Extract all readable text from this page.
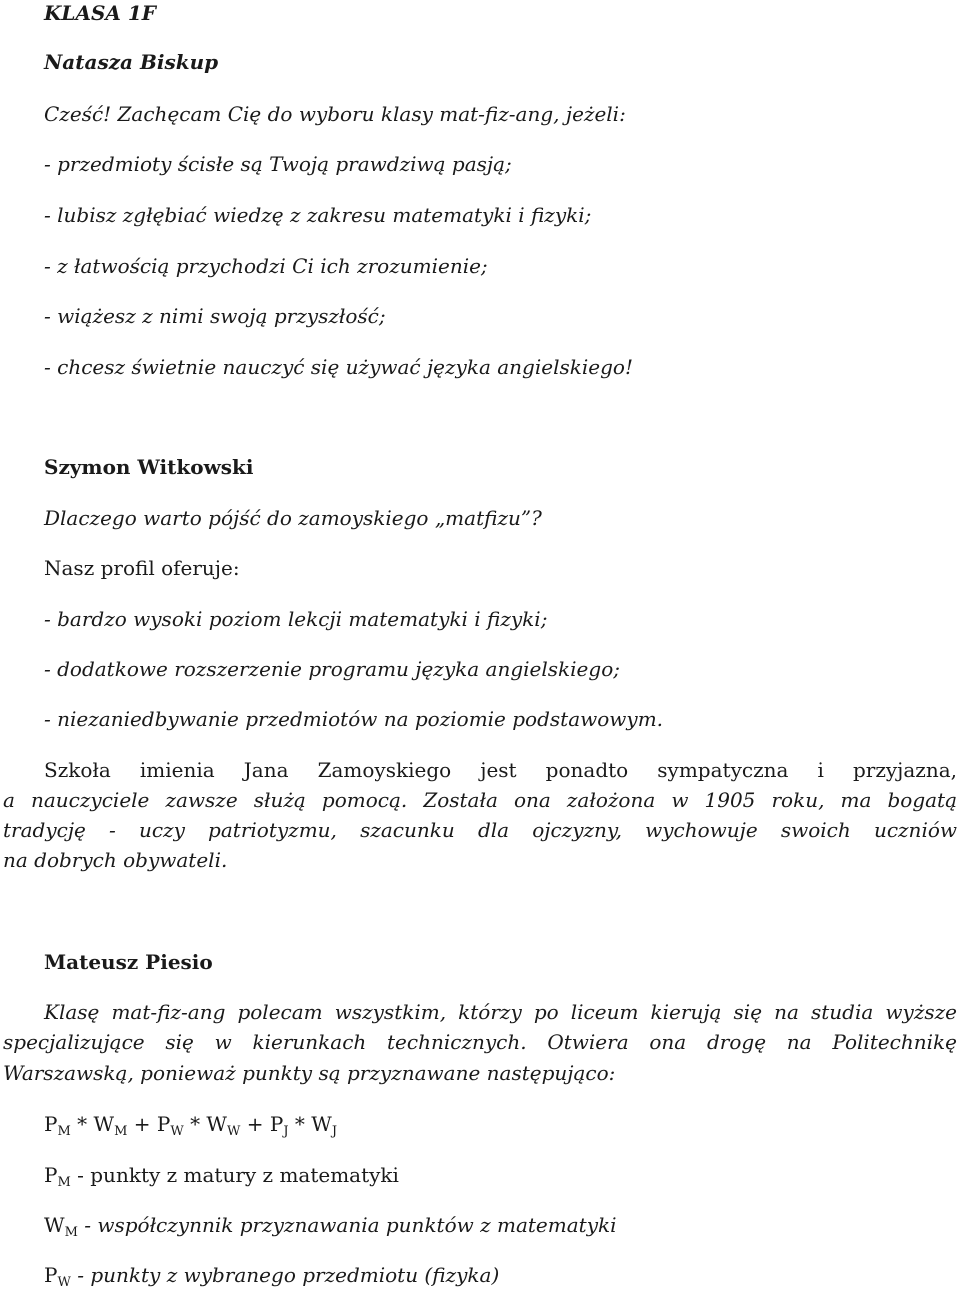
KLASA 1F
Natasza Biskup
Cześć! Zachęcam Cię do wyboru klasy mat-fiz-ang, jeżeli:
- przedmioty ścisłe są Twoją prawdziwą pasją;
- lubisz zgłębiać wiedzę z zakresu matematyki i fizyki;
- z łatwością przychodzi Ci ich zrozumienie;
- wiążesz z nimi swoją przyszłość;
- chcesz świetnie nauczyć się używać języka angielskiego!
Szymon Witkowski
Dlaczego warto pójść do zamoyskiego „matfizu”?
Nasz profil oferuje:
- bardzo wysoki poziom lekcji matematyki i fizyki;
- dodatkowe rozszerzenie programu języka angielskiego;
- niezaniedbywanie przedmiotów na poziomie podstawowym.
Szkoła imienia Jana Zamoyskiego jest ponadto sympatyczna i przyjazna,
a nauczyciele zawsze służą pomocą. Została ona założona w 1905 roku, ma bogatą
tradycję - uczy patriotyzmu, szacunku dla ojczyzny, wychowuje swoich uczniów
na dobrych obywateli.
Mateusz Piesio
Klasę mat-fiz-ang polecam wszystkim, którzy po liceum kierują się na studia wyższe
specjalizujące się w kierunkach technicznych. Otwiera ona drogę na Politechnikę
Warszawską, ponieważ punkty są przyznawane następująco:
$P_M * W_M + P_W * W_W + P_J * W_J$
$P_M$ - punkty z matury z matematyki
$W_M$ - współczynnik przyznawania punktów z matematyki
$P_W$ - punkty z wybranego przedmiotu (fizyka)
